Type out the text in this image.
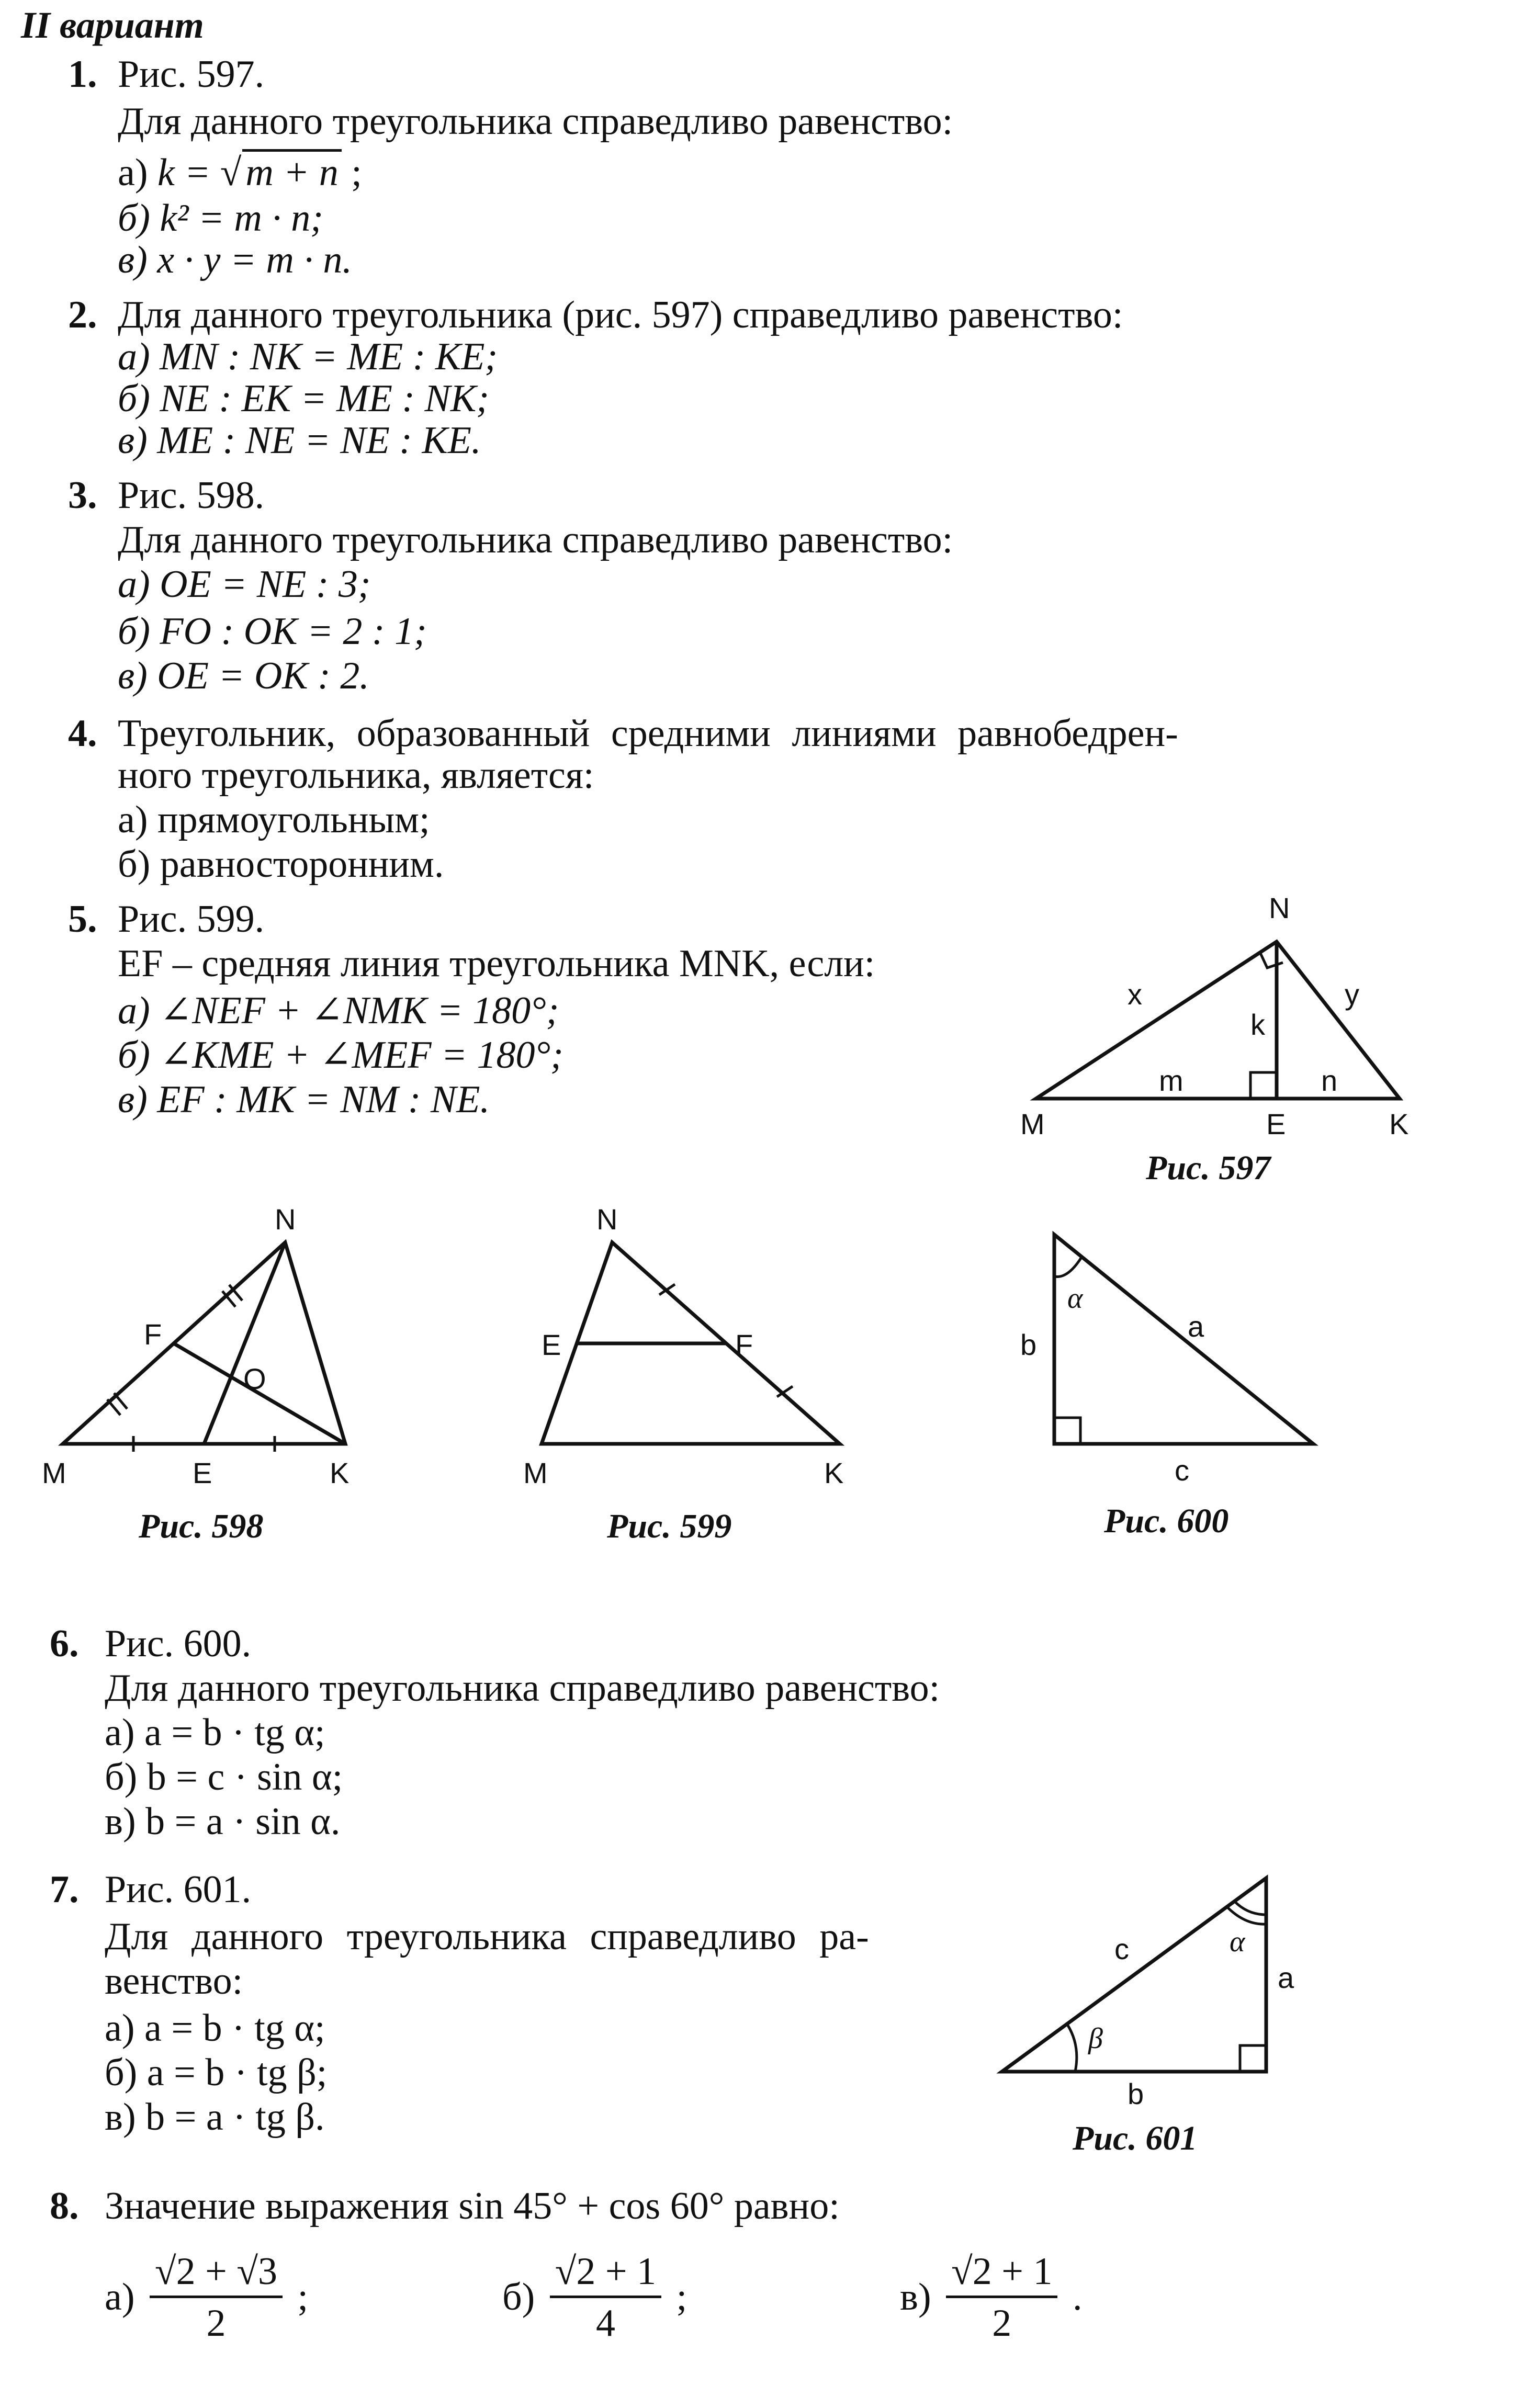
II вариант
1. Рис. 597.
Для данного треугольника справедливо равенство:
а) k = √ m + n ;
б) k² = m · n;
в) x · y = m · n.
2. Для данного треугольника (рис. 597) справедливо равенство:
а) MN : NK = ME : KE;
б) NE : EK = ME : NK;
в) ME : NE = NE : KE.
3. Рис. 598.
Для данного треугольника справедливо равенство:
а) OE = NE : 3;
б) FO : OK = 2 : 1;
в) OE = OK : 2.
4. Треугольник, образованный средними линиями равнобедрен-
ного треугольника, является:
а) прямоугольным;
б) равносторонним.
5. Рис. 599.
EF – средняя линия треугольника MNK, если:
а) ∠NEF + ∠NMK = 180°;
б) ∠KME + ∠MEF = 180°;
в) EF : MK = NM : NE.
N
M	K
E
x	y
k
m	n
Рис. 597
N
M	K
E
F
O
Рис. 598
N
M	K
E	F
Рис. 599
α
b
a
c
Рис. 600
6. Рис. 600.
Для данного треугольника справедливо равенство:
а) a = b · tg α;
б) b = c · sin α;
в) b = a · sin α.
7. Рис. 601.
Для данного треугольника справедливо ра-
венство:
а) a = b · tg α;
б) a = b · tg β;
в) b = a · tg β.
β
α
c
a
b
Рис. 601
8. Значение выражения sin 45° + cos 60° равно:
$а) \frac{√2 + √3}{2}$ ;	$б) \frac{√2 + 1}{4}$ ;	$в) \frac{√2 + 1}{2}$ .
